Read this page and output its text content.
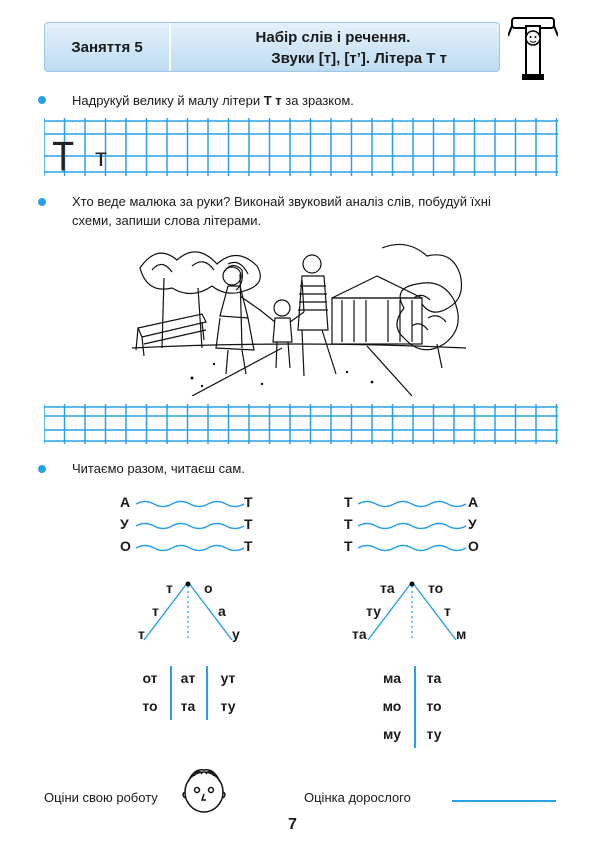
Заняття 5
Набір слів і речення.
Звуки [т], [т’]. Літера Т т
Надрукуй велику й малу літери Т т за зразком.
Т т
Хто веде малюка за руки? Виконай звуковий аналіз слів, побудуй їхні
схеми, запиши слова літерами.
Читаємо разом, читаєш сам.
А	Т
У	Т
О	Т
Т	А
Т	У
Т	О
т
т
т
о
а
у
та
ту
та
то
т
м
от	ат	ут
то	та	ту
ма	та
мо	то
му	ту
Оціни свою роботу	Оцінка дорослого
7
